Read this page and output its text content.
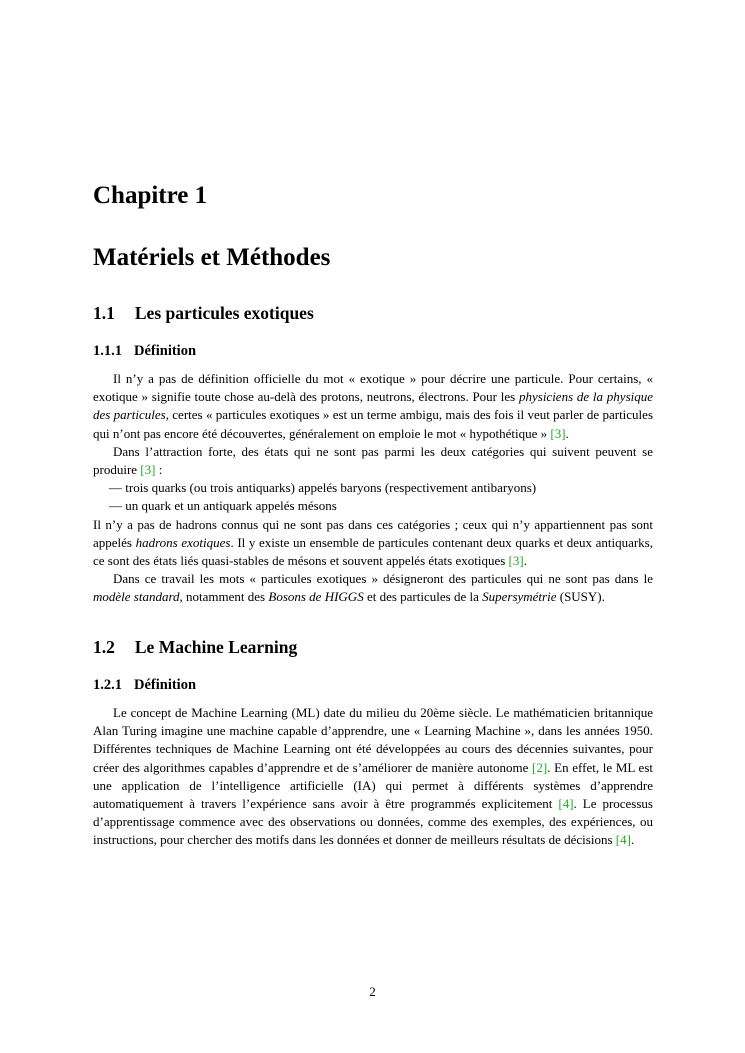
Chapitre 1
Matériels et Méthodes
1.1 Les particules exotiques
1.1.1 Définition

Il n’y a pas de définition officielle du mot « exotique » pour décrire une particule. Pour certains, « exotique » signifie toute chose au-delà des protons, neutrons, électrons. Pour les physiciens de la physique des particules, certes « particules exotiques » est un terme ambigu, mais des fois il veut parler de particules qui n’ont pas encore été découvertes, généralement on emploie le mot « hypothétique » [3].

Dans l’attraction forte, des états qui ne sont pas parmi les deux catégories qui suivent peuvent se produire [3] :

— trois quarks (ou trois antiquarks) appelés baryons (respectivement antibaryons)

— un quark et un antiquark appelés mésons

Il n’y a pas de hadrons connus qui ne sont pas dans ces catégories ; ceux qui n’y appartiennent pas sont appelés hadrons exotiques. Il y existe un ensemble de particules contenant deux quarks et deux antiquarks, ce sont des états liés quasi-stables de mésons et souvent appelés états exotiques [3].

Dans ce travail les mots « particules exotiques » désigneront des particules qui ne sont pas dans le modèle standard, notamment des Bosons de HIGGS et des particules de la Supersymétrie (SUSY).

1.2 Le Machine Learning
1.2.1 Définition

Le concept de Machine Learning (ML) date du milieu du 20ème siècle. Le mathématicien britannique Alan Turing imagine une machine capable d’apprendre, une « Learning Machine », dans les années 1950. Différentes techniques de Machine Learning ont été développées au cours des décennies suivantes, pour créer des algorithmes capables d’apprendre et de s’améliorer de manière autonome [2]. En effet, le ML est une application de l’intelligence artificielle (IA) qui permet à différents systèmes d’apprendre automatiquement à travers l’expérience sans avoir à être programmés explicitement [4]. Le processus d’apprentissage commence avec des observations ou données, comme des exemples, des expériences, ou instructions, pour chercher des motifs dans les données et donner de meilleurs résultats de décisions [4].

2
